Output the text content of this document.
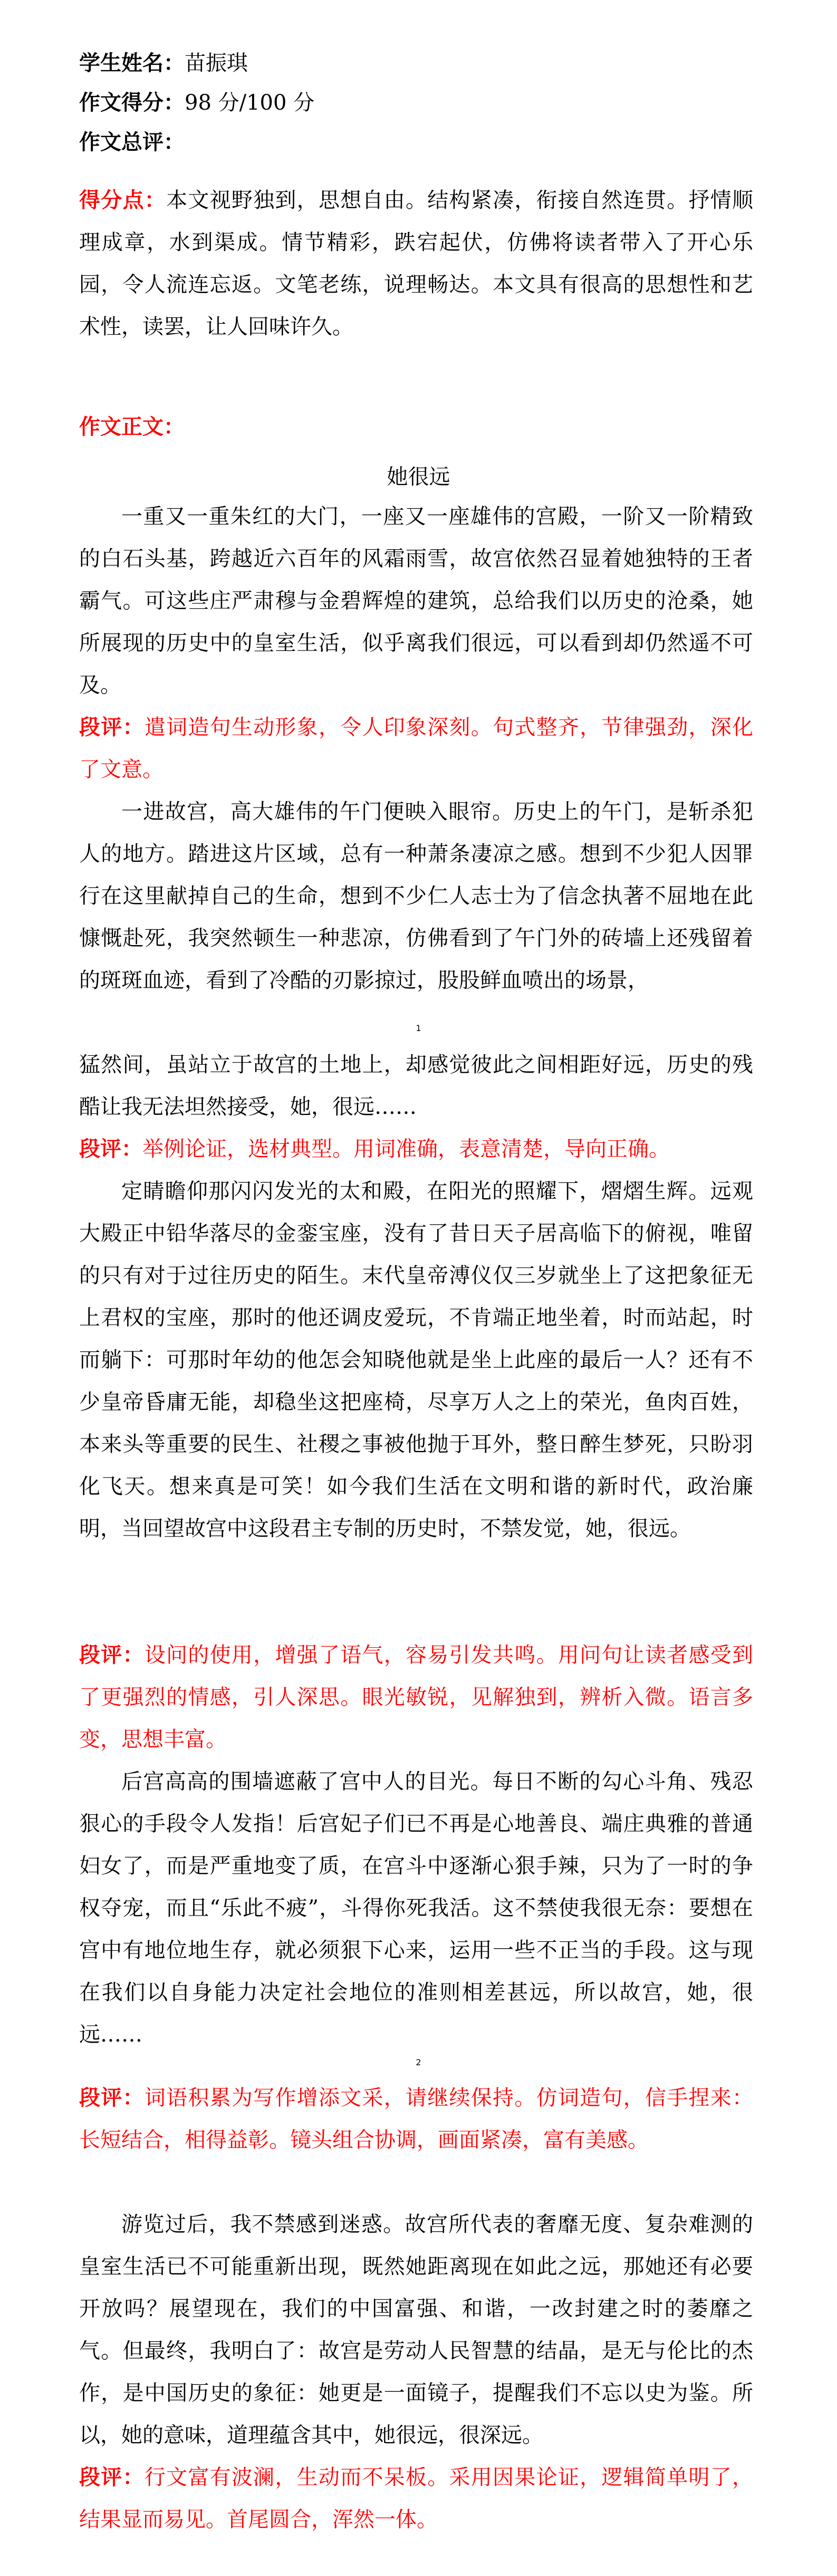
学生姓名：苗振琪
作文得分：98 分/100 分
作文总评：
得分点：本文视野独到，思想自由。结构紧凑，衔接自然连贯。抒情顺理成章，水到渠成。情节精彩，跌宕起伏，仿佛将读者带入了开心乐园，令人流连忘返。文笔老练，说理畅达。本文具有很高的思想性和艺术性，读罢，让人回味许久。
作文正文：
她很远
一重又一重朱红的大门，一座又一座雄伟的宫殿，一阶又一阶精致的白石头基，跨越近六百年的风霜雨雪，故宫依然召显着她独特的王者霸气。可这些庄严肃穆与金碧辉煌的建筑，总给我们以历史的沧桑，她所展现的历史中的皇室生活，似乎离我们很远，可以看到却仍然遥不可及。
段评：遣词造句生动形象，令人印象深刻。句式整齐，节律强劲，深化了文意。
一进故宫，高大雄伟的午门便映入眼帘。历史上的午门，是斩杀犯人的地方。踏进这片区域，总有一种萧条凄凉之感。想到不少犯人因罪行在这里献掉自己的生命，想到不少仁人志士为了信念执著不屈地在此慷慨赴死，我突然顿生一种悲凉，仿佛看到了午门外的砖墙上还残留着的斑斑血迹，看到了冷酷的刃影掠过，股股鲜血喷出的场景，
1
猛然间，虽站立于故宫的土地上，却感觉彼此之间相距好远，历史的残酷让我无法坦然接受，她，很远……
段评：举例论证，选材典型。用词准确，表意清楚，导向正确。
定睛瞻仰那闪闪发光的太和殿，在阳光的照耀下，熠熠生辉。远观大殿正中铅华落尽的金銮宝座，没有了昔日天子居高临下的俯视，唯留的只有对于过往历史的陌生。末代皇帝溥仪仅三岁就坐上了这把象征无上君权的宝座，那时的他还调皮爱玩，不肯端正地坐着，时而站起，时而躺下：可那时年幼的他怎会知晓他就是坐上此座的最后一人？还有不少皇帝昏庸无能，却稳坐这把座椅，尽享万人之上的荣光，鱼肉百姓，本来头等重要的民生、社稷之事被他抛于耳外，整日醉生梦死，只盼羽化飞天。想来真是可笑！如今我们生活在文明和谐的新时代，政治廉明，当回望故宫中这段君主专制的历史时，不禁发觉，她，很远。
段评：设问的使用，增强了语气，容易引发共鸣。用问句让读者感受到了更强烈的情感，引人深思。眼光敏锐，见解独到，辨析入微。语言多变，思想丰富。
后宫高高的围墙遮蔽了宫中人的目光。每日不断的勾心斗角、残忍狠心的手段令人发指！后宫妃子们已不再是心地善良、端庄典雅的普通妇女了，而是严重地变了质，在宫斗中逐渐心狠手辣，只为了一时的争权夺宠，而且“乐此不疲”，斗得你死我活。这不禁使我很无奈：要想在宫中有地位地生存，就必须狠下心来，运用一些不正当的手段。这与现在我们以自身能力决定社会地位的准则相差甚远，所以故宫，她，很远……
2
段评：词语积累为写作增添文采，请继续保持。仿词造句，信手捏来：长短结合，相得益彰。镜头组合协调，画面紧凑，富有美感。
游览过后，我不禁感到迷惑。故宫所代表的奢靡无度、复杂难测的皇室生活已不可能重新出现，既然她距离现在如此之远，那她还有必要开放吗？展望现在，我们的中国富强、和谐，一改封建之时的萎靡之气。但最终，我明白了：故宫是劳动人民智慧的结晶，是无与伦比的杰作，是中国历史的象征：她更是一面镜子，提醒我们不忘以史为鉴。所以，她的意味，道理蕴含其中，她很远，很深远。
段评：行文富有波澜，生动而不呆板。采用因果论证，逻辑简单明了，结果显而易见。首尾圆合，浑然一体。
